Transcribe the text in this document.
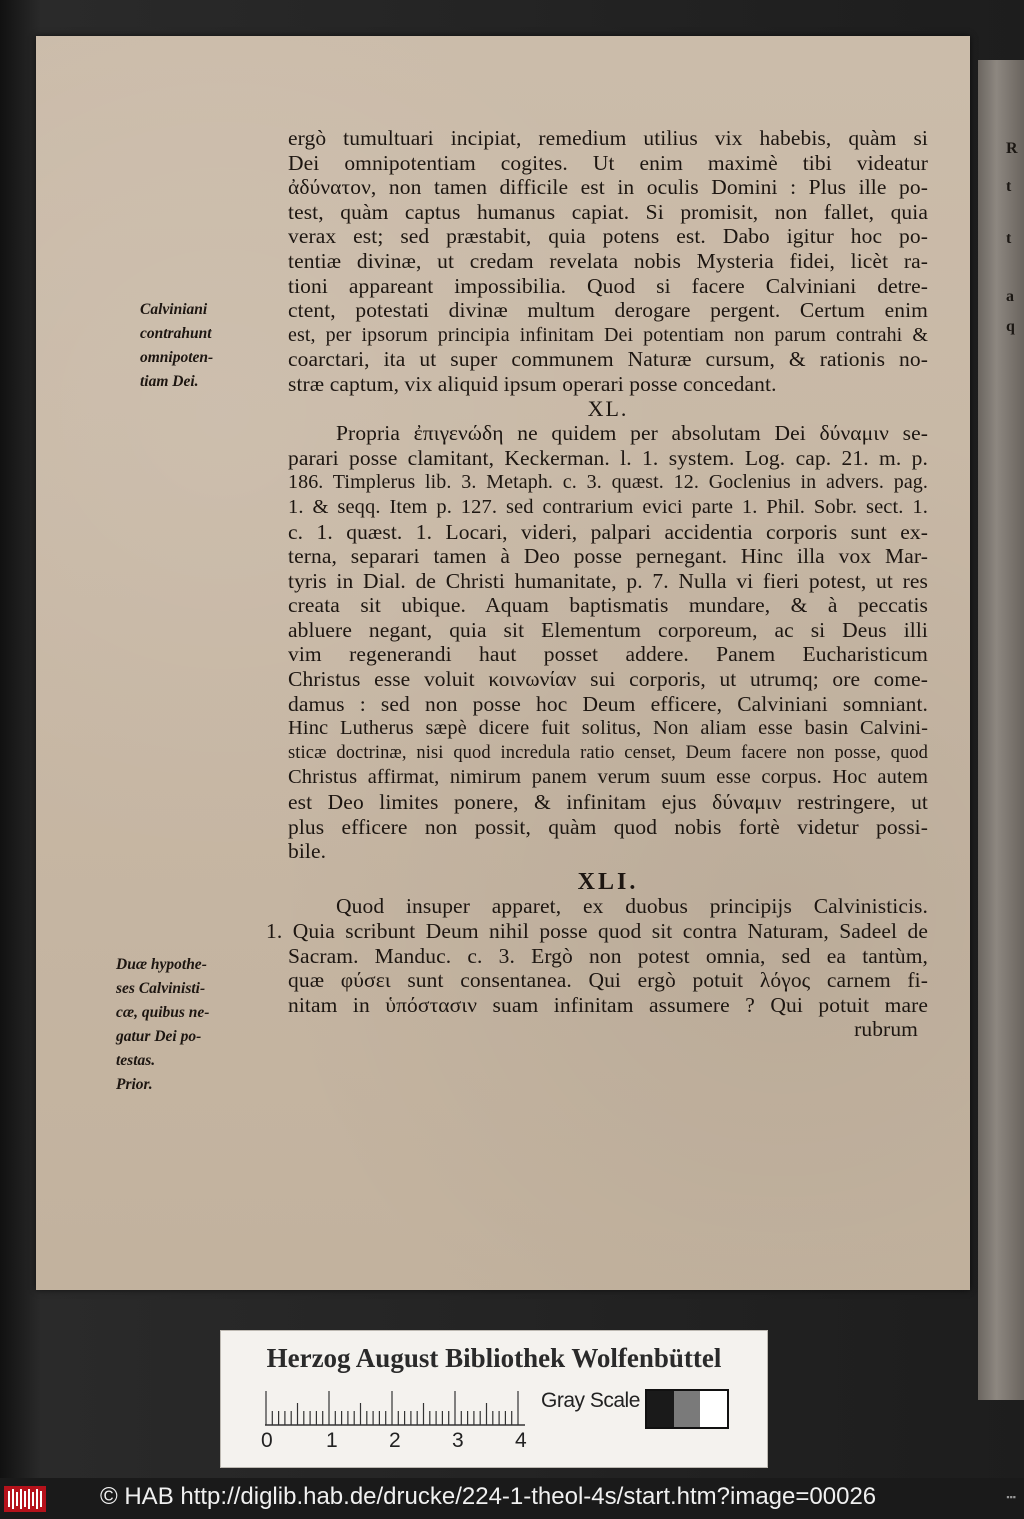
R
t
t
a
q
ergò tumultuari incipiat, remedium utilius vix habebis, quàm si
Dei omnipotentiam cogites. Ut enim maximè tibi videatur
ἀδύνατον, non tamen difficile est in oculis Domini : Plus ille po-
test, quàm captus humanus capiat. Si promisit, non fallet, quia
verax est; sed præstabit, quia potens est. Dabo igitur hoc po-
tentiæ divinæ, ut credam revelata nobis Mysteria fidei, licèt ra-
tioni appareant impossibilia. Quod si facere Calviniani detre-
ctent, potestati divinæ multum derogare pergent. Certum enim
est, per ipsorum principia infinitam Dei potentiam non parum contrahi &
coarctari, ita ut super communem Naturæ cursum, & rationis no-
stræ captum, vix aliquid ipsum operari posse concedant.
XL.
Propria ἐπιγενώδη ne quidem per absolutam Dei δύναμιν se-
parari posse clamitant, Keckerman. l. 1. system. Log. cap. 21. m. p.
186. Timplerus lib. 3. Metaph. c. 3. quæst. 12. Goclenius in advers. pag.
1. & seqq. Item p. 127. sed contrarium evici parte 1. Phil. Sobr. sect. 1.
c. 1. quæst. 1. Locari, videri, palpari accidentia corporis sunt ex-
terna, separari tamen à Deo posse pernegant. Hinc illa vox Mar-
tyris in Dial. de Christi humanitate, p. 7. Nulla vi fieri potest, ut res
creata sit ubique. Aquam baptismatis mundare, & à peccatis
abluere negant, quia sit Elementum corporeum, ac si Deus illi
vim regenerandi haut posset addere. Panem Eucharisticum
Christus esse voluit κοινωνίαν sui corporis, ut utrumq; ore come-
damus : sed non posse hoc Deum efficere, Calviniani somniant.
Hinc Lutherus sæpè dicere fuit solitus, Non aliam esse basin Calvini-
sticæ doctrinæ, nisi quod incredula ratio censet, Deum facere non posse, quod
Christus affirmat, nimirum panem verum suum esse corpus. Hoc autem
est Deo limites ponere, & infinitam ejus δύναμιν restringere, ut
plus efficere non possit, quàm quod nobis fortè videtur possi-
bile.
XLI.
Quod insuper apparet, ex duobus principijs Calvinisticis.
1. Quia scribunt Deum nihil posse quod sit contra Naturam, Sadeel de
Sacram. Manduc. c. 3. Ergò non potest omnia, sed ea tantùm,
quæ φύσει sunt consentanea. Qui ergò potuit λόγος carnem fi-
nitam in ὑπόστασιν suam infinitam assumere ? Qui potuit mare
rubrum
Calviniani
contrahunt
omnipoten-
tiam Dei.
Duæ hypothe-
ses Calvinisti-
cæ, quibus ne-
gatur Dei po-
testas.
Prior.
Herzog August Bibliothek Wolfenbüttel
0	1 2 3 4
Gray Scale
© HAB http://diglib.hab.de/drucke/224-1-theol-4s/start.htm?image=00026	▪▪▪
